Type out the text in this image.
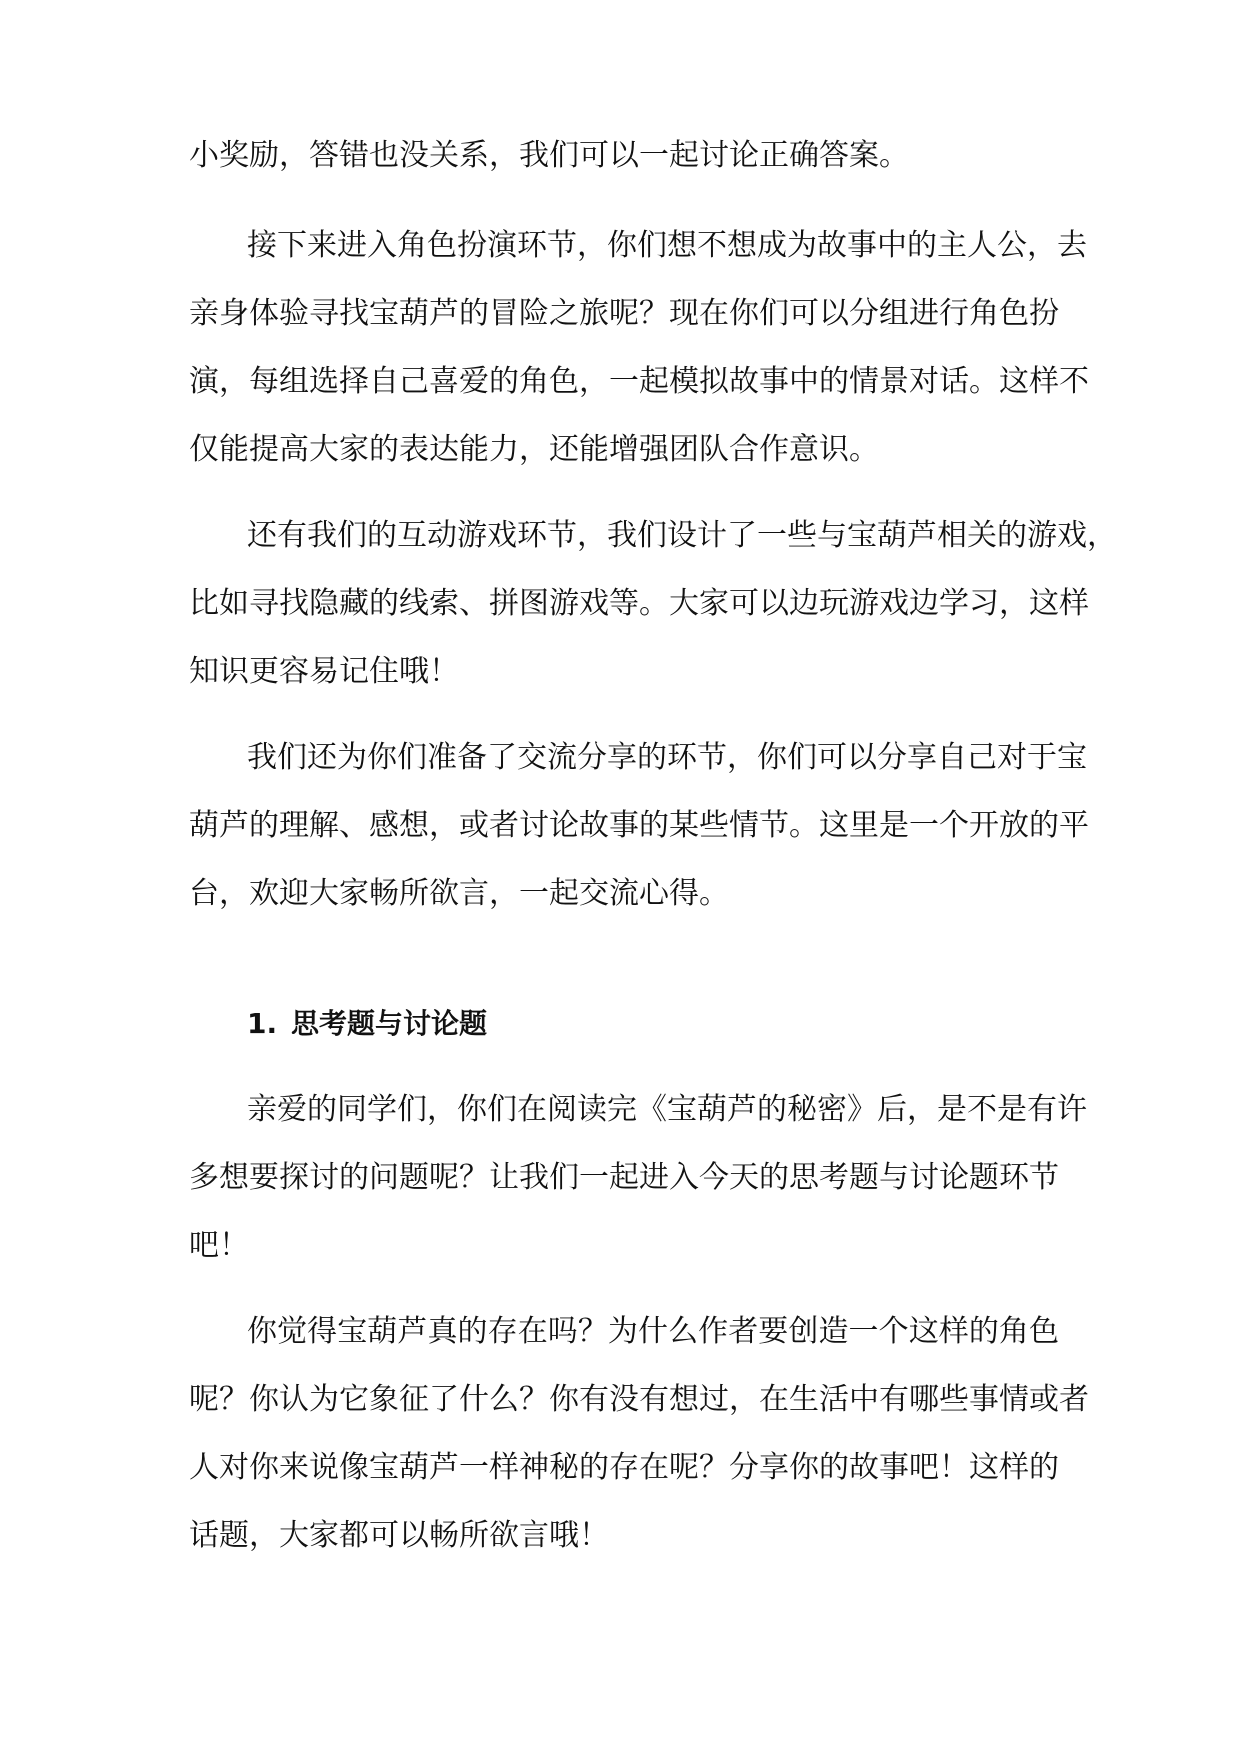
小奖励，答错也没关系，我们可以一起讨论正确答案。
接下来进入角色扮演环节，你们想不想成为故事中的主人公，去
亲身体验寻找宝葫芦的冒险之旅呢？现在你们可以分组进行角色扮
演，每组选择自己喜爱的角色，一起模拟故事中的情景对话。这样不
仅能提高大家的表达能力，还能增强团队合作意识。
还有我们的互动游戏环节，我们设计了一些与宝葫芦相关的游戏，
比如寻找隐藏的线索、拼图游戏等。大家可以边玩游戏边学习，这样
知识更容易记住哦！
我们还为你们准备了交流分享的环节，你们可以分享自己对于宝
葫芦的理解、感想，或者讨论故事的某些情节。这里是一个开放的平
台，欢迎大家畅所欲言，一起交流心得。
1. 思考题与讨论题
亲爱的同学们，你们在阅读完《宝葫芦的秘密》后，是不是有许
多想要探讨的问题呢？让我们一起进入今天的思考题与讨论题环节
吧！
你觉得宝葫芦真的存在吗？为什么作者要创造一个这样的角色
呢？你认为它象征了什么？你有没有想过，在生活中有哪些事情或者
人对你来说像宝葫芦一样神秘的存在呢？分享你的故事吧！这样的
话题，大家都可以畅所欲言哦！
